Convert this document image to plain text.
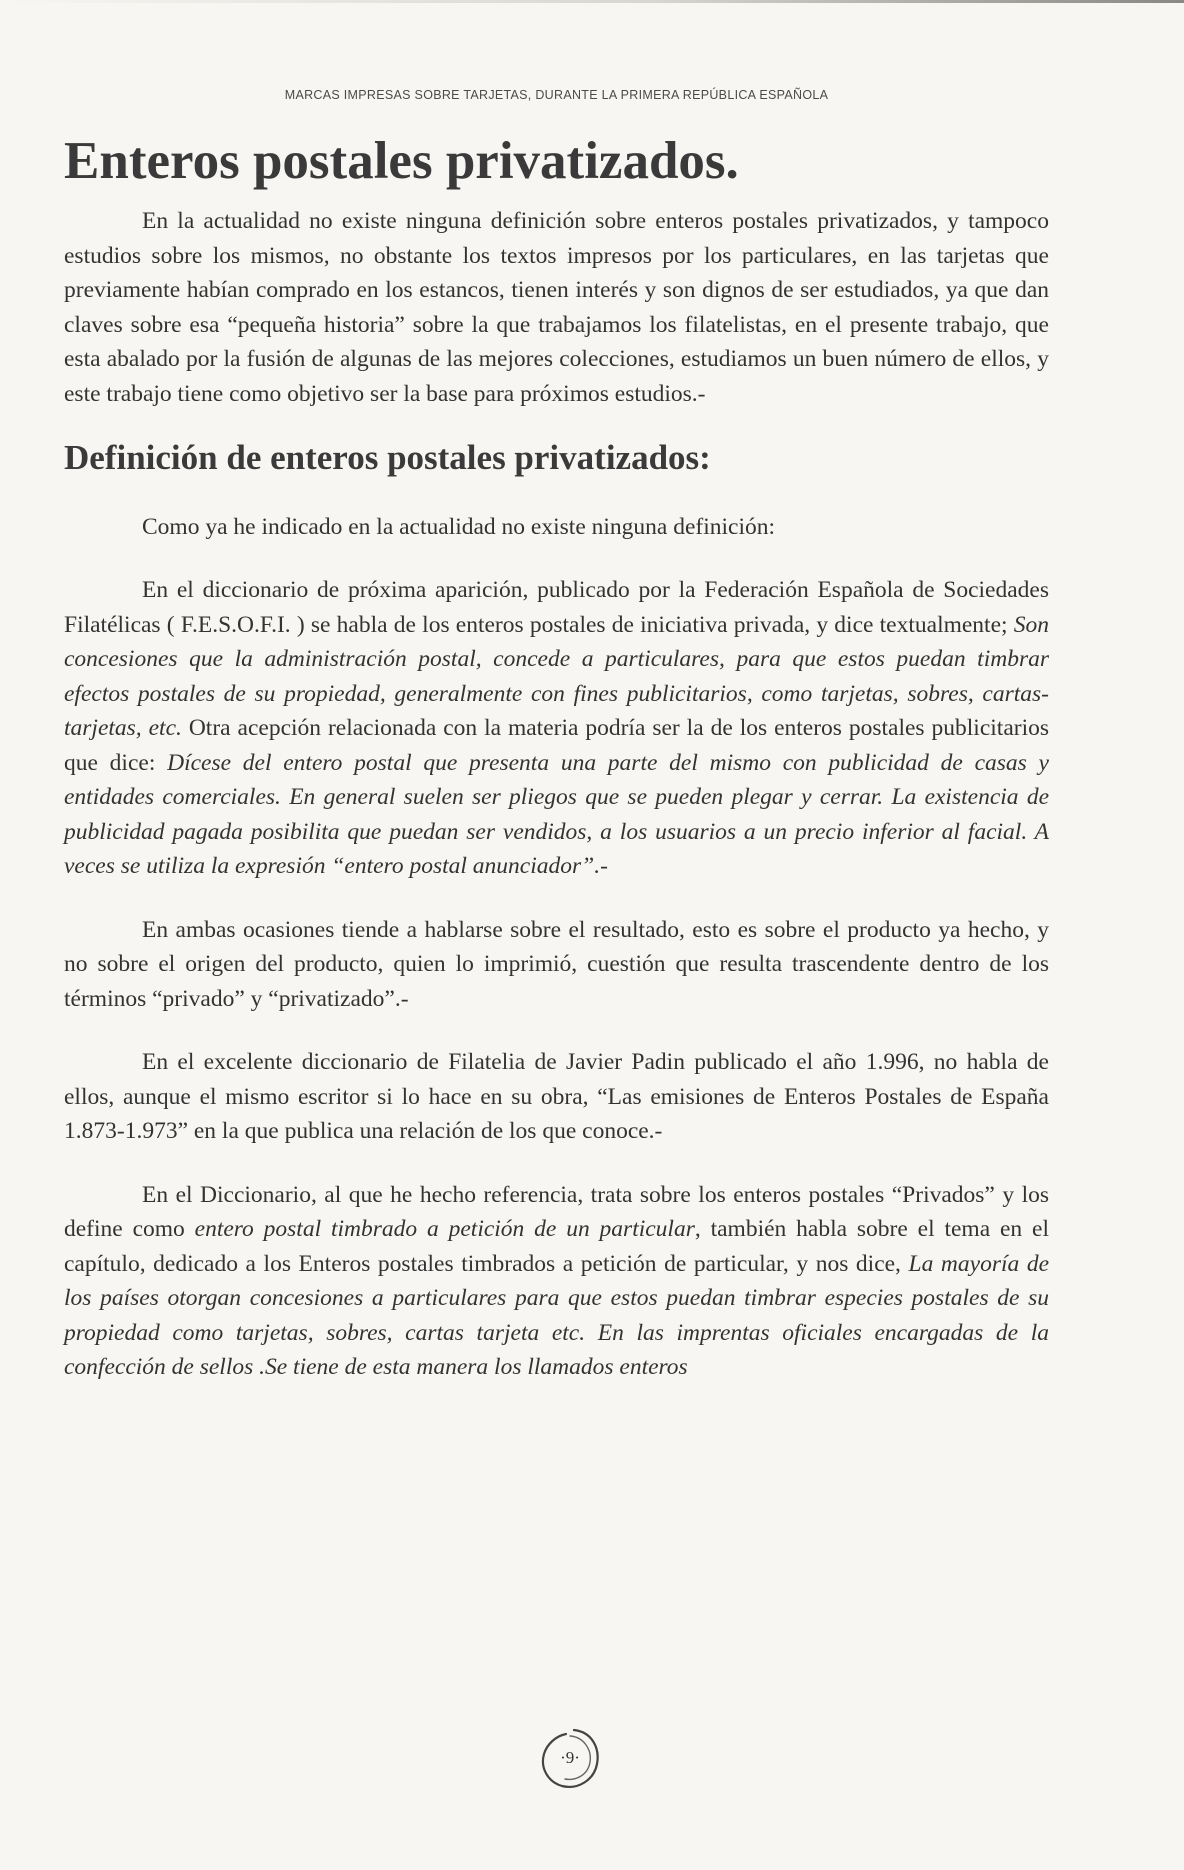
MARCAS IMPRESAS SOBRE TARJETAS, DURANTE LA PRIMERA REPÚBLICA ESPAÑOLA
Enteros postales privatizados.

En la actualidad no existe ninguna definición sobre enteros postales privatizados, y tampoco estudios sobre los mismos, no obstante los textos impresos por los particulares, en las tarjetas que previamente habían comprado en los estancos, tienen interés y son dignos de ser estudiados, ya que dan claves sobre esa “pequeña historia” sobre la que trabajamos los filatelistas, en el presente trabajo, que esta abalado por la fusión de algunas de las mejores colecciones, estudiamos un buen número de ellos, y este trabajo tiene como objetivo ser la base para próximos estudios.-

Definición de enteros postales privatizados:

Como ya he indicado en la actualidad no existe ninguna definición:

En el diccionario de próxima aparición, publicado por la Federación Española de Sociedades Filatélicas ( F.E.S.O.F.I. ) se habla de los enteros postales de iniciativa privada, y dice textualmente; Son concesiones que la administración postal, concede a particulares, para que estos puedan timbrar efectos postales de su propiedad, generalmente con fines publicitarios, como tarjetas, sobres, cartas-tarjetas, etc. Otra acepción relacionada con la materia podría ser la de los enteros postales publicitarios que dice: Dícese del entero postal que presenta una parte del mismo con publicidad de casas y entidades comerciales. En general suelen ser pliegos que se pueden plegar y cerrar. La existencia de publicidad pagada posibilita que puedan ser vendidos, a los usuarios a un precio inferior al facial. A veces se utiliza la expresión “entero postal anunciador”.-

En ambas ocasiones tiende a hablarse sobre el resultado, esto es sobre el producto ya hecho, y no sobre el origen del producto, quien lo imprimió, cuestión que resulta trascendente dentro de los términos “privado” y “privatizado”.-

En el excelente diccionario de Filatelia de Javier Padin publicado el año 1.996, no habla de ellos, aunque el mismo escritor si lo hace en su obra, “Las emisiones de Enteros Postales de España 1.873-1.973” en la que publica una relación de los que conoce.-

En el Diccionario, al que he hecho referencia, trata sobre los enteros postales “Privados” y los define como entero postal timbrado a petición de un particular, también habla sobre el tema en el capítulo, dedicado a los Enteros postales timbrados a petición de particular, y nos dice, La mayoría de los países otorgan concesiones a particulares para que estos puedan timbrar especies postales de su propiedad como tarjetas, sobres, cartas tarjeta etc. En las imprentas oficiales encargadas de la confección de sellos .Se tiene de esta manera los llamados enteros

·9·
